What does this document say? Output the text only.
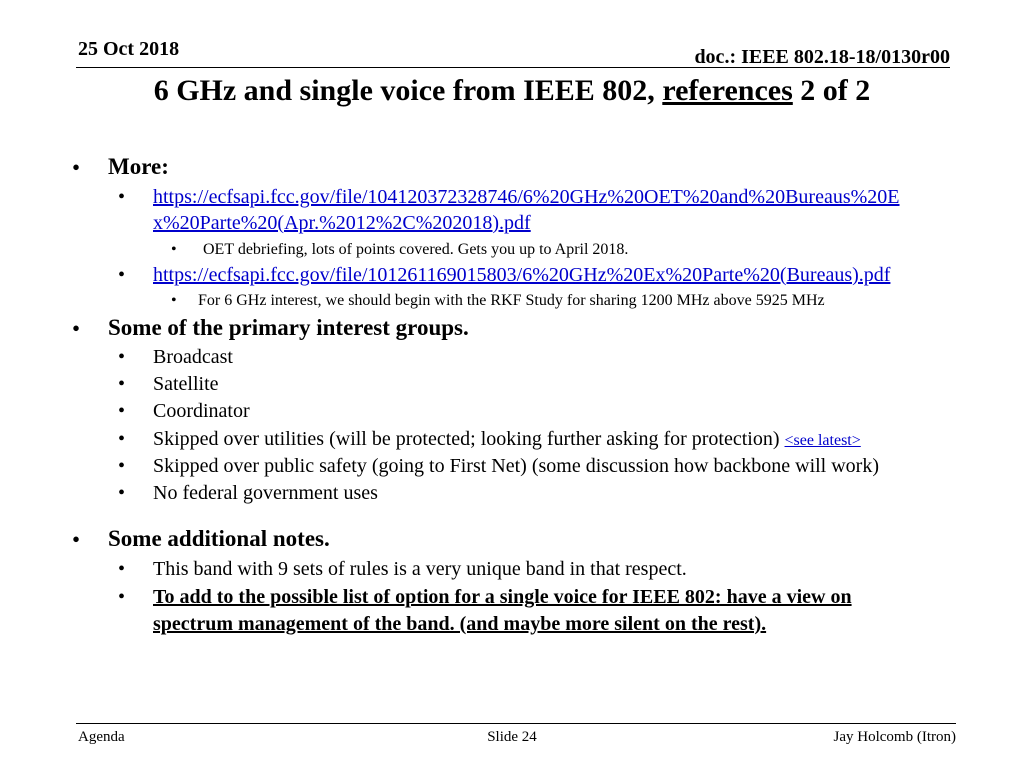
25 Oct 2018	doc.: IEEE 802.18-18/0130r00
6 GHz and single voice from IEEE 802, references 2 of 2
• More:
• https://ecfsapi.fcc.gov/file/104120372328746/6%20GHz%20OET%20and%20Bureaus%20E
x%20Parte%20(Apr.%2012%2C%202018).pdf
• OET debriefing, lots of points covered. Gets you up to April 2018.
• https://ecfsapi.fcc.gov/file/101261169015803/6%20GHz%20Ex%20Parte%20(Bureaus).pdf
• For 6 GHz interest, we should begin with the RKF Study for sharing 1200 MHz above 5925 MHz
• Some of the primary interest groups.
• Broadcast
• Satellite
• Coordinator
• Skipped over utilities (will be protected; looking further asking for protection) <see latest>
• Skipped over public safety (going to First Net) (some discussion how backbone will work)
• No federal government uses
• Some additional notes.
• This band with 9 sets of rules is a very unique band in that respect.
• To add to the possible list of option for a single voice for IEEE 802: have a view on
spectrum management of the band. (and maybe more silent on the rest).
Agenda	Slide 24	Jay Holcomb (Itron)
